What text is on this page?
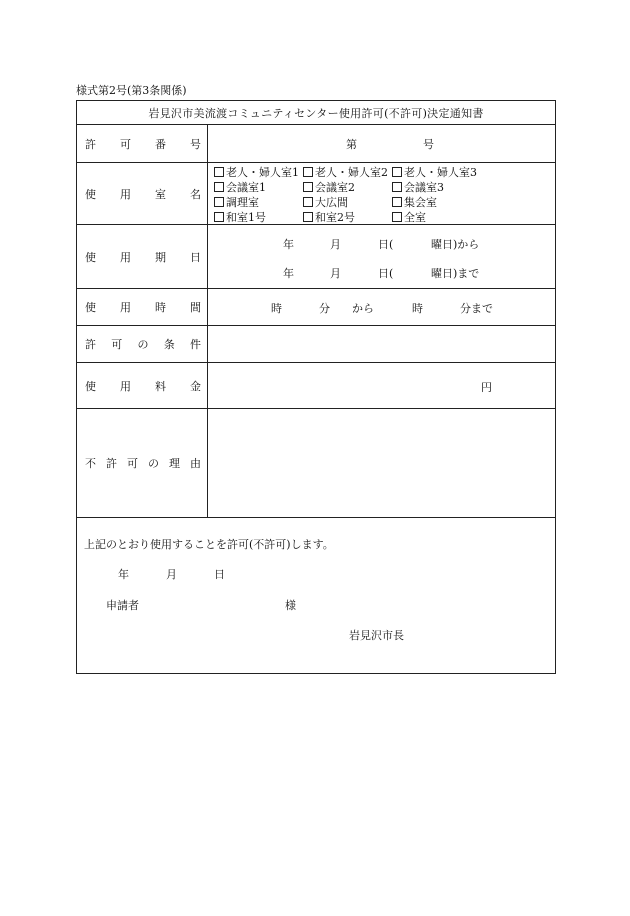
様式第2号(第3条関係)
岩見沢市美流渡コミュニティセンター使用許可(不許可)決定通知書
許 可 番 号	第	号
使 用 室 名
老人・婦人室1	老人・婦人室2	老人・婦人室3
会議室1	会議室2	会議室3
調理室	大広間	集会室
和室1号	和室2号	全室
使 用 期 日
年	月	日(	曜日)から
年	月	日(	曜日)まで
使 用 時 間	時	分 から	時	分まで
許 可 の 条 件
使 用 料 金	円
不 許 可 の 理 由
上記のとおり使用することを許可(不許可)します。
年	月	日
申請者	様
岩見沢市長
